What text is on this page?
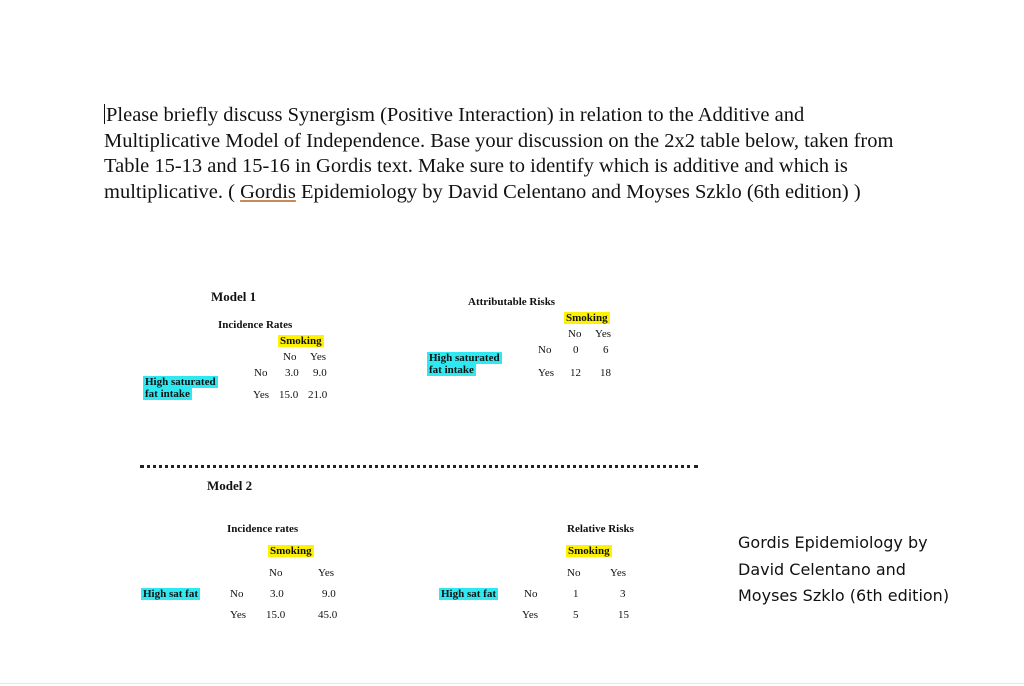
Please briefly discuss Synergism (Positive Interaction) in relation to the Additive and
Multiplicative Model of Independence. Base your discussion on the 2x2 table below, taken from
Table 15-13 and 15-16 in Gordis text. Make sure to identify which is additive and which is
multiplicative. ( Gordis Epidemiology by David Celentano and Moyses Szklo (6th edition) )
Model 1
Incidence Rates
Smoking
No Yes
No 3.0 9.0
Yes 15.0 21.0
High saturated
fat intake
Attributable Risks
Smoking
No Yes
No 0 6
Yes 12 18
High saturated
fat intake
Model 2
Incidence rates
Smoking
No	Yes
High sat fat	No 3.0	9.0
Yes 15.0	45.0
Relative Risks
Smoking
No	Yes
High sat fat	No	1	3
Yes	5	15
Gordis Epidemiology by
David Celentano and
Moyses Szklo (6th edition)
